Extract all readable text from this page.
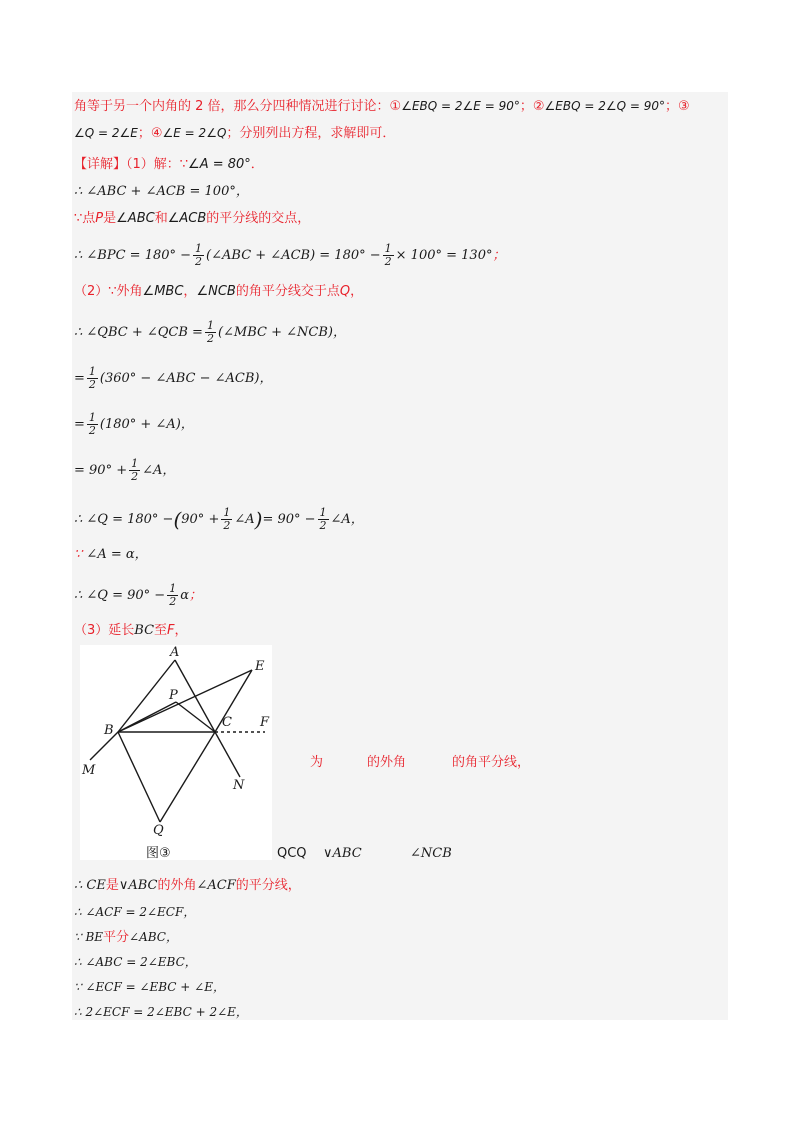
角等于另一个内角的 2 倍，那么分四种情况进行讨论：①∠EBQ = 2∠E = 90°；②∠EBQ = 2∠Q = 90°；③
∠Q = 2∠E；④∠E = 2∠Q；分别列出方程，求解即可．
【详解】（1）解：∵∠A = 80°．
∴ ∠ABC + ∠ACB = 100°，
∵点P是∠ABC和∠ACB的平分线的交点，
∴ ∠BPC = $180^\circ - \frac{1}{2}$ (∠ABC + ∠ACB) = $180^\circ - \frac{1}{2} \times 100^\circ = 130^\circ$；
（2）∵外角∠MBC，∠NCB的角平分线交于点Q，
∴ ∠QBC + ∠QCB = $\frac{1}{2}$ (∠MBC + ∠NCB)，
= $\frac{1}{2} (360^\circ$ − ∠ABC − ∠ACB)，
= $\frac{1}{2} (180^\circ$ + ∠A)，
= $90^\circ + \frac{1}{2}$ ∠A，
∴ ∠Q = $180^\circ -(90^\circ + \frac{1}{2}$ ∠A)= $90^\circ - \frac{1}{2}$ ∠A，
∵ ∠A = α，
∴ ∠Q = $90^\circ - \frac{1}{2}$ α；
（3）延长BC至F，
A
E
P
B
C F
M
N
Q
图③
为	的外角	的角平分线，
QCQ ∨ABC	∠NCB
∴ CE是∨ABC的外角∠ACF的平分线，
∴ ∠ACF = 2∠ECF，
∵ BE平分∠ABC，
∴ ∠ABC = 2∠EBC，
∵ ∠ECF = ∠EBC + ∠E，
∴ 2∠ECF = 2∠EBC + 2∠E，
